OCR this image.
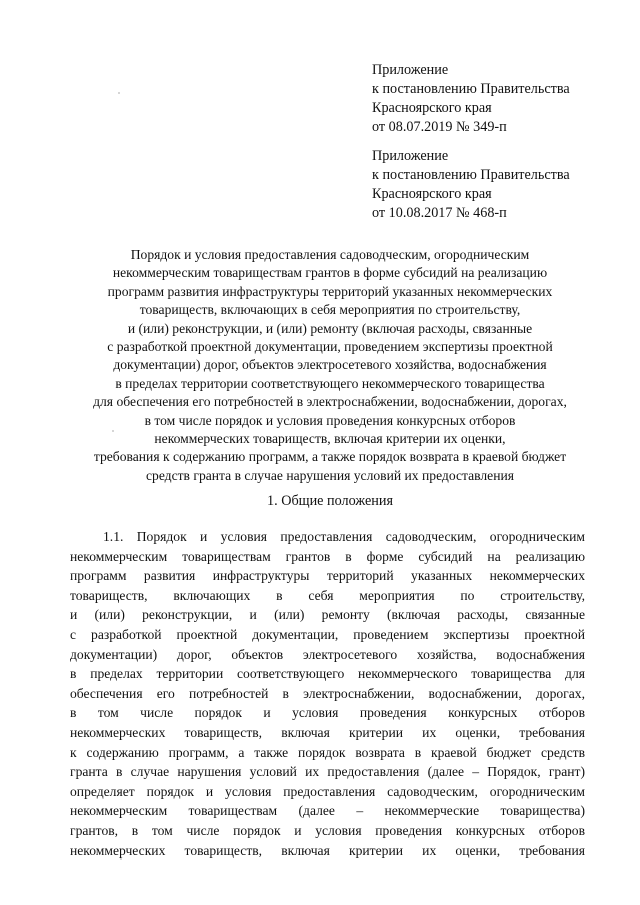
Приложение
к постановлению Правительства
Красноярского края
от 08.07.2019 № 349-п
Приложение
к постановлению Правительства
Красноярского края
от 10.08.2017 № 468-п
Порядок и условия предоставления садоводческим, огородническим
некоммерческим товариществам грантов в форме субсидий на реализацию
программ развития инфраструктуры территорий указанных некоммерческих
товариществ, включающих в себя мероприятия по строительству,
и (или) реконструкции, и (или) ремонту (включая расходы, связанные
с разработкой проектной документации, проведением экспертизы проектной
документации) дорог, объектов электросетевого хозяйства, водоснабжения
в пределах территории соответствующего некоммерческого товарищества
для обеспечения его потребностей в электроснабжении, водоснабжении, дорогах,
в том числе порядок и условия проведения конкурсных отборов
некоммерческих товариществ, включая критерии их оценки,
требования к содержанию программ, а также порядок возврата в краевой бюджет
средств гранта в случае нарушения условий их предоставления
1. Общие положения
1.1. Порядок и условия предоставления садоводческим, огородническим
некоммерческим товариществам грантов в форме субсидий на реализацию
программ развития инфраструктуры территорий указанных некоммерческих
товариществ, включающих в себя мероприятия по строительству,
и (или) реконструкции, и (или) ремонту (включая расходы, связанные
с разработкой проектной документации, проведением экспертизы проектной
документации) дорог, объектов электросетевого хозяйства, водоснабжения
в пределах территории соответствующего некоммерческого товарищества для
обеспечения его потребностей в электроснабжении, водоснабжении, дорогах,
в том числе порядок и условия проведения конкурсных отборов
некоммерческих товариществ, включая критерии их оценки, требования
к содержанию программ, а также порядок возврата в краевой бюджет средств
гранта в случае нарушения условий их предоставления (далее – Порядок, грант)
определяет порядок и условия предоставления садоводческим, огородническим
некоммерческим товариществам (далее – некоммерческие товарищества)
грантов, в том числе порядок и условия проведения конкурсных отборов
некоммерческих товариществ, включая критерии их оценки, требования
